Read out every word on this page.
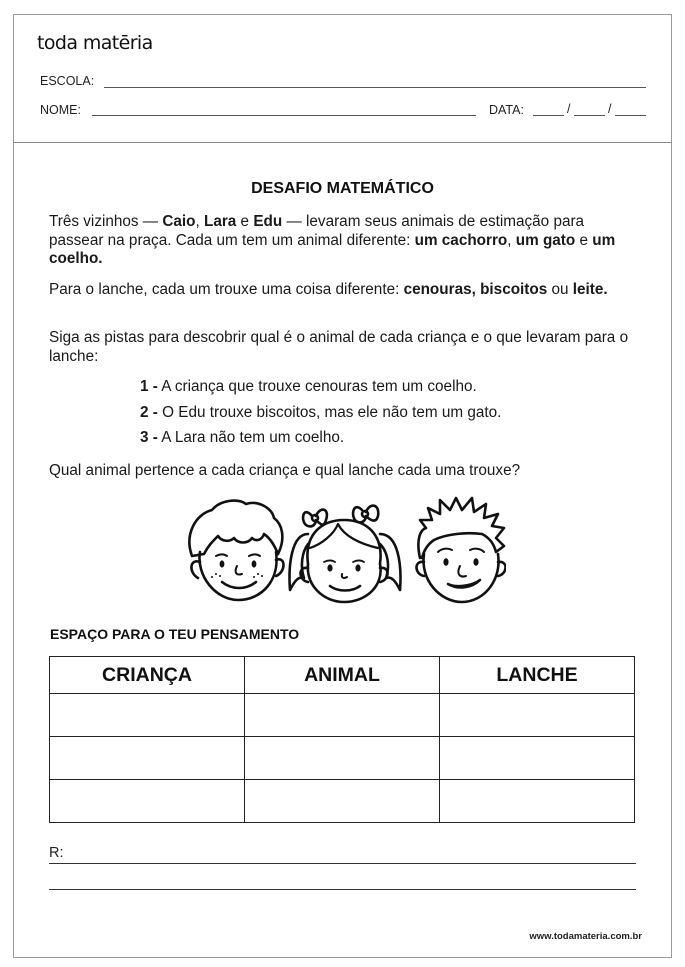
toda matēria
ESCOLA:
NOME:	DATA:	/	/
DESAFIO MATEMÁTICO

Três vizinhos — Caio, Lara e Edu — levaram seus animais de estimação para passear na praça. Cada um tem um animal diferente: um cachorro, um gato e um coelho.

Para o lanche, cada um trouxe uma coisa diferente: cenouras, biscoitos ou leite.

Siga as pistas para descobrir qual é o animal de cada criança e o que levaram para o lanche:

1 - A criança que trouxe cenouras tem um coelho.
2 - O Edu trouxe biscoitos, mas ele não tem um gato.
3 - A Lara não tem um coelho.

Qual animal pertence a cada criança e qual lanche cada uma trouxe?

ESPAÇO PARA O TEU PENSAMENTO
CRIANÇA	ANIMAL	LANCHE

R:
www.todamateria.com.br
